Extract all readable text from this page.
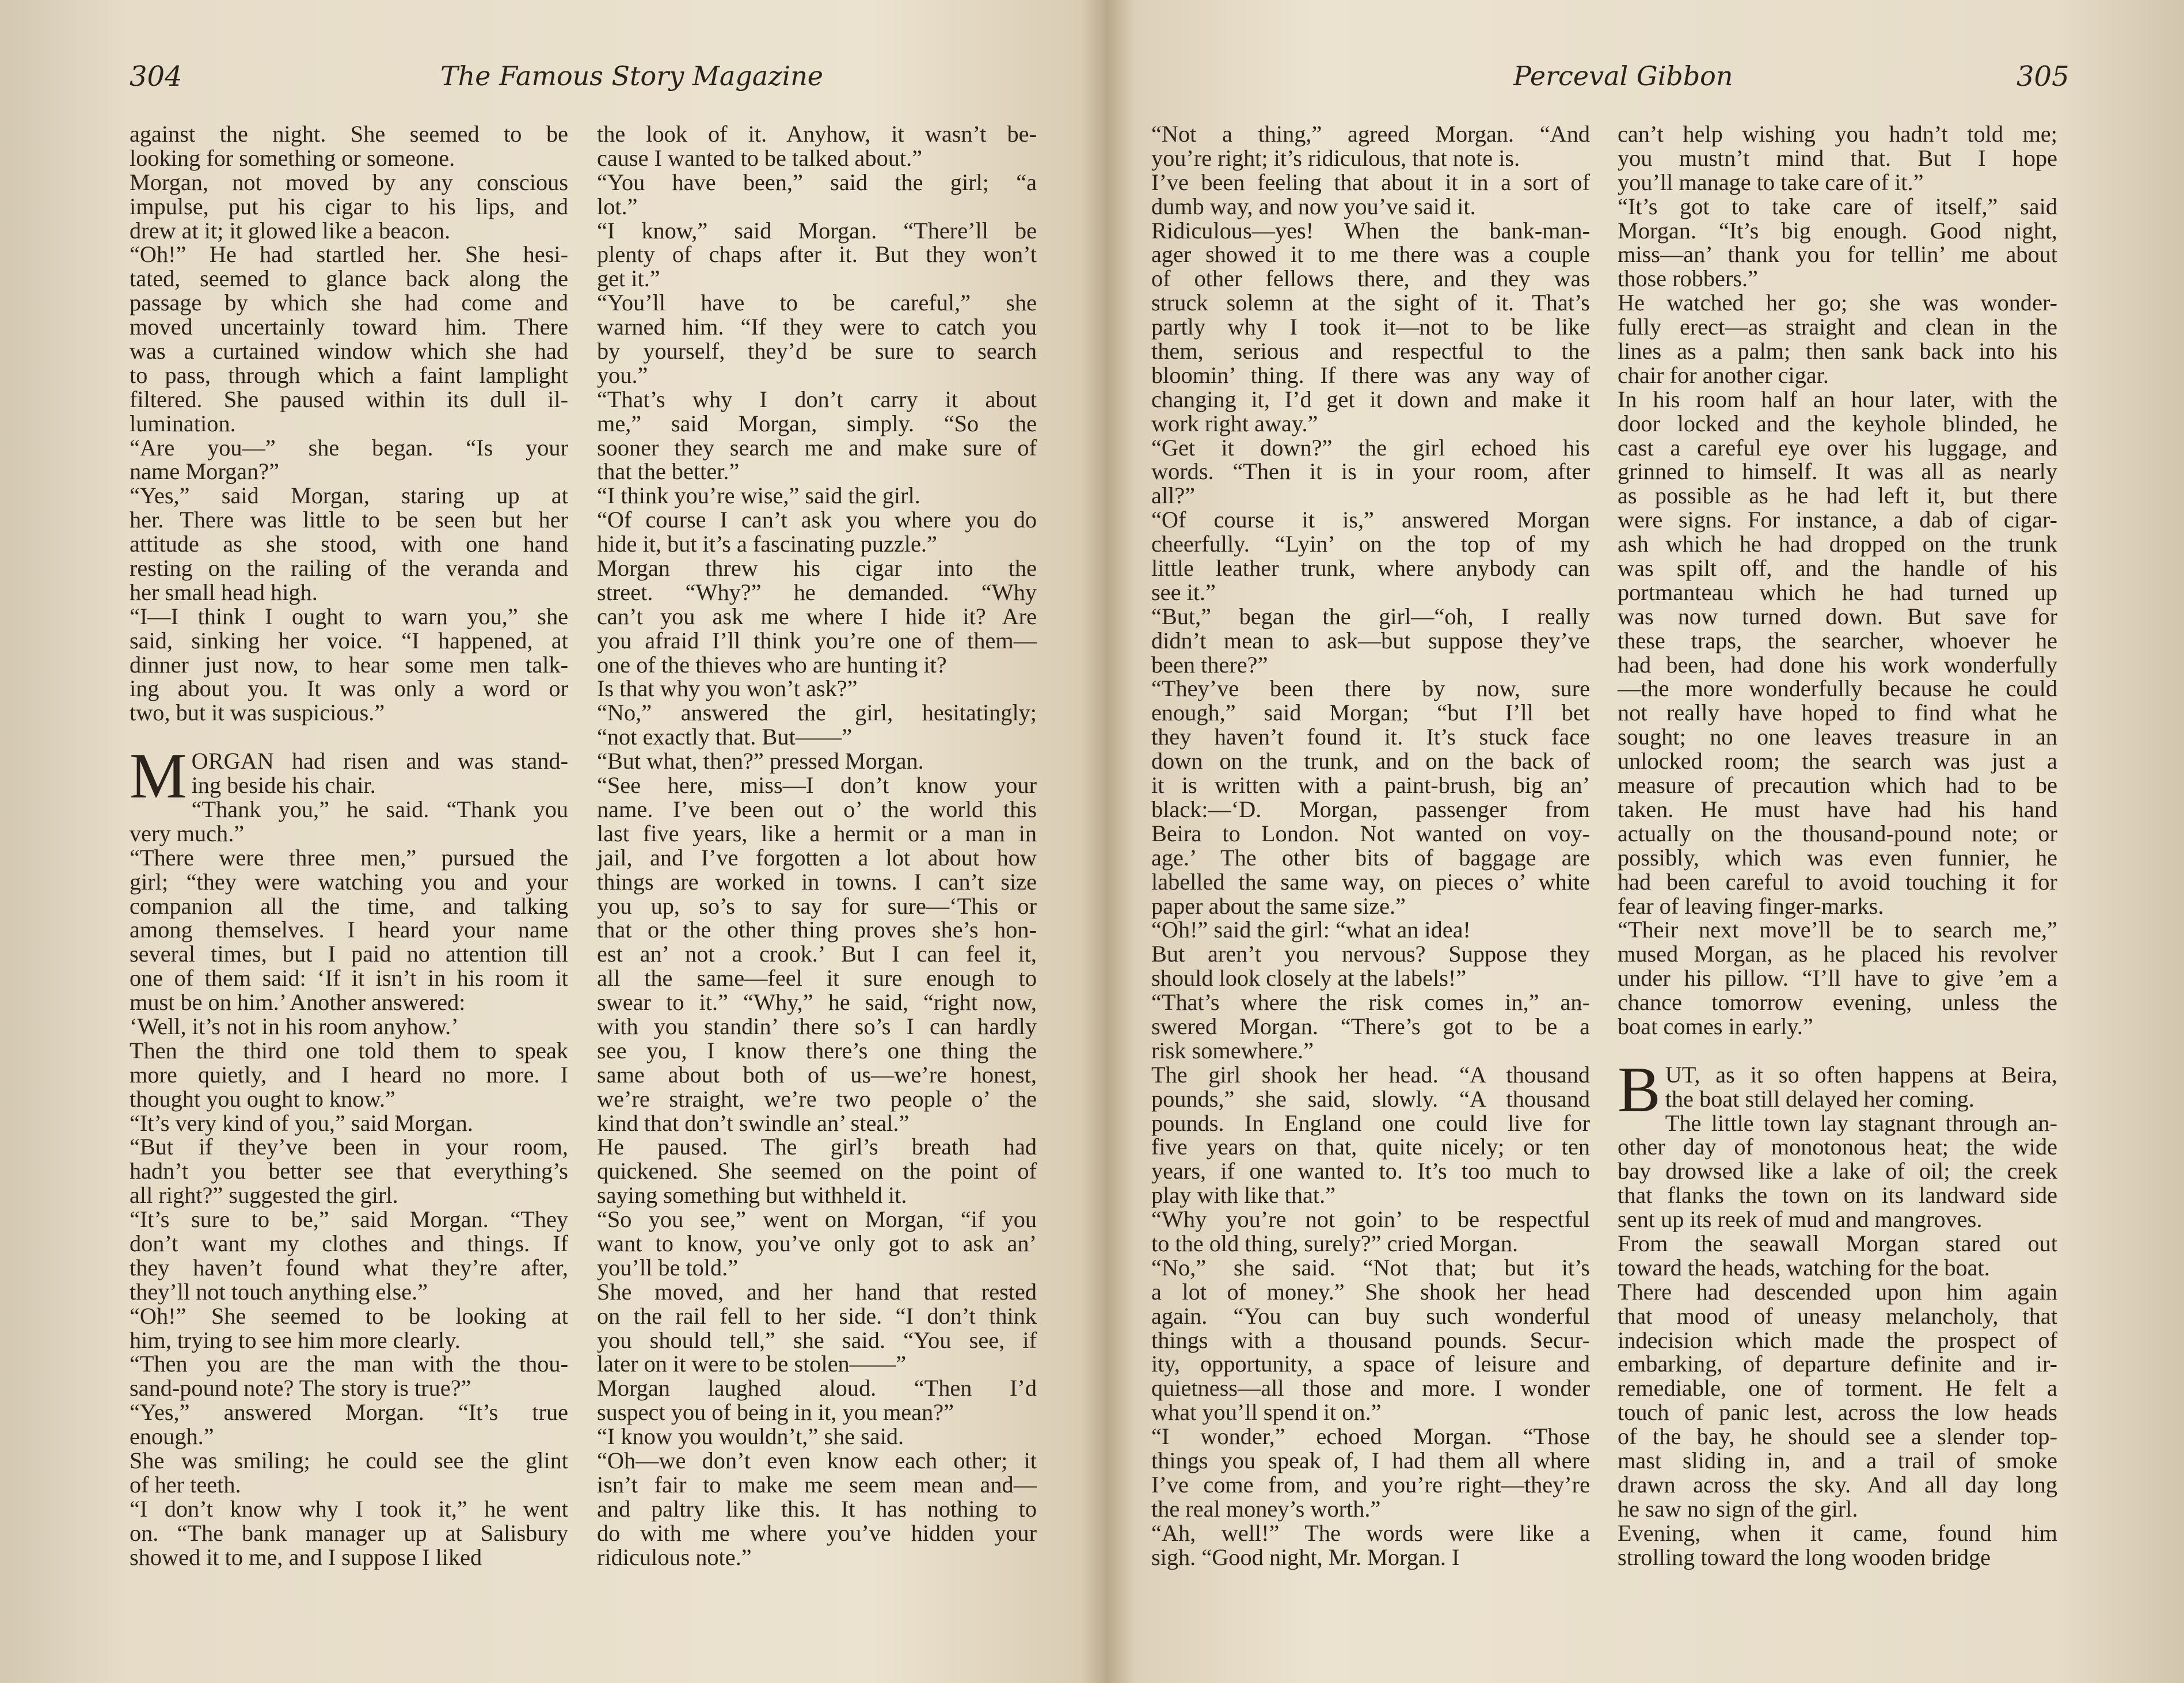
304	The Famous Story Magazine
against the night. She seemed to be
looking for something or someone.
Morgan, not moved by any conscious
impulse, put his cigar to his lips, and
drew at it; it glowed like a beacon.
“Oh!” He had startled her. She hesi-
tated, seemed to glance back along the
passage by which she had come and
moved uncertainly toward him. There
was a curtained window which she had
to pass, through which a faint lamplight
filtered. She paused within its dull il-
lumination.
“Are you—” she began. “Is your
name Morgan?”
“Yes,” said Morgan, staring up at
her. There was little to be seen but her
attitude as she stood, with one hand
resting on the railing of the veranda and
her small head high.
“I—I think I ought to warn you,” she
said, sinking her voice. “I happened, at
dinner just now, to hear some men talk-
ing about you. It was only a word or
two, but it was suspicious.”

M ORGAN had risen and was stand-
ing beside his chair.
“Thank you,” he said. “Thank you
very much.”
“There were three men,” pursued the
girl; “they were watching you and your
companion all the time, and talking
among themselves. I heard your name
several times, but I paid no attention till
one of them said: ‘If it isn’t in his room it
must be on him.’ Another answered:
‘Well, it’s not in his room anyhow.’
Then the third one told them to speak
more quietly, and I heard no more. I
thought you ought to know.”
“It’s very kind of you,” said Morgan.
“But if they’ve been in your room,
hadn’t you better see that everything’s
all right?” suggested the girl.
“It’s sure to be,” said Morgan. “They
don’t want my clothes and things. If
they haven’t found what they’re after,
they’ll not touch anything else.”
“Oh!” She seemed to be looking at
him, trying to see him more clearly.
“Then you are the man with the thou-
sand-pound note? The story is true?”
“Yes,” answered Morgan. “It’s true
enough.”
She was smiling; he could see the glint
of her teeth.
“I don’t know why I took it,” he went
on. “The bank manager up at Salisbury
showed it to me, and I suppose I liked
the look of it. Anyhow, it wasn’t be-
cause I wanted to be talked about.”
“You have been,” said the girl; “a
lot.”
“I know,” said Morgan. “There’ll be
plenty of chaps after it. But they won’t
get it.”
“You’ll have to be careful,” she
warned him. “If they were to catch you
by yourself, they’d be sure to search
you.”
“That’s why I don’t carry it about
me,” said Morgan, simply. “So the
sooner they search me and make sure of
that the better.”
“I think you’re wise,” said the girl.
“Of course I can’t ask you where you do
hide it, but it’s a fascinating puzzle.”
Morgan threw his cigar into the
street. “Why?” he demanded. “Why
can’t you ask me where I hide it? Are
you afraid I’ll think you’re one of them—
one of the thieves who are hunting it?
Is that why you won’t ask?”
“No,” answered the girl, hesitatingly;
“not exactly that. But——”
“But what, then?” pressed Morgan.
“See here, miss—I don’t know your
name. I’ve been out o’ the world this
last five years, like a hermit or a man in
jail, and I’ve forgotten a lot about how
things are worked in towns. I can’t size
you up, so’s to say for sure—‘This or
that or the other thing proves she’s hon-
est an’ not a crook.’ But I can feel it,
all the same—feel it sure enough to
swear to it.” “Why,” he said, “right now,
with you standin’ there so’s I can hardly
see you, I know there’s one thing the
same about both of us—we’re honest,
we’re straight, we’re two people o’ the
kind that don’t swindle an’ steal.”
He paused. The girl’s breath had
quickened. She seemed on the point of
saying something but withheld it.
“So you see,” went on Morgan, “if you
want to know, you’ve only got to ask an’
you’ll be told.”
She moved, and her hand that rested
on the rail fell to her side. “I don’t think
you should tell,” she said. “You see, if
later on it were to be stolen——”
Morgan laughed aloud. “Then I’d
suspect you of being in it, you mean?”
“I know you wouldn’t,” she said.
“Oh—we don’t even know each other; it
isn’t fair to make me seem mean and—
and paltry like this. It has nothing to
do with me where you’ve hidden your
ridiculous note.”
Perceval Gibbon	305
“Not a thing,” agreed Morgan. “And
you’re right; it’s ridiculous, that note is.
I’ve been feeling that about it in a sort of
dumb way, and now you’ve said it.
Ridiculous—yes! When the bank-man-
ager showed it to me there was a couple
of other fellows there, and they was
struck solemn at the sight of it. That’s
partly why I took it—not to be like
them, serious and respectful to the
bloomin’ thing. If there was any way of
changing it, I’d get it down and make it
work right away.”
“Get it down?” the girl echoed his
words. “Then it is in your room, after
all?”
“Of course it is,” answered Morgan
cheerfully. “Lyin’ on the top of my
little leather trunk, where anybody can
see it.”
“But,” began the girl—“oh, I really
didn’t mean to ask—but suppose they’ve
been there?”
“They’ve been there by now, sure
enough,” said Morgan; “but I’ll bet
they haven’t found it. It’s stuck face
down on the trunk, and on the back of
it is written with a paint-brush, big an’
black:—‘D. Morgan, passenger from
Beira to London. Not wanted on voy-
age.’ The other bits of baggage are
labelled the same way, on pieces o’ white
paper about the same size.”
“Oh!” said the girl: “what an idea!
But aren’t you nervous? Suppose they
should look closely at the labels!”
“That’s where the risk comes in,” an-
swered Morgan. “There’s got to be a
risk somewhere.”
The girl shook her head. “A thousand
pounds,” she said, slowly. “A thousand
pounds. In England one could live for
five years on that, quite nicely; or ten
years, if one wanted to. It’s too much to
play with like that.”
“Why you’re not goin’ to be respectful
to the old thing, surely?” cried Morgan.
“No,” she said. “Not that; but it’s
a lot of money.” She shook her head
again. “You can buy such wonderful
things with a thousand pounds. Secur-
ity, opportunity, a space of leisure and
quietness—all those and more. I wonder
what you’ll spend it on.”
“I wonder,” echoed Morgan. “Those
things you speak of, I had them all where
I’ve come from, and you’re right—they’re
the real money’s worth.”
“Ah, well!” The words were like a
sigh. “Good night, Mr. Morgan. I
can’t help wishing you hadn’t told me;
you mustn’t mind that. But I hope
you’ll manage to take care of it.”
“It’s got to take care of itself,” said
Morgan. “It’s big enough. Good night,
miss—an’ thank you for tellin’ me about
those robbers.”
He watched her go; she was wonder-
fully erect—as straight and clean in the
lines as a palm; then sank back into his
chair for another cigar.
In his room half an hour later, with the
door locked and the keyhole blinded, he
cast a careful eye over his luggage, and
grinned to himself. It was all as nearly
as possible as he had left it, but there
were signs. For instance, a dab of cigar-
ash which he had dropped on the trunk
was spilt off, and the handle of his
portmanteau which he had turned up
was now turned down. But save for
these traps, the searcher, whoever he
had been, had done his work wonderfully
—the more wonderfully because he could
not really have hoped to find what he
sought; no one leaves treasure in an
unlocked room; the search was just a
measure of precaution which had to be
taken. He must have had his hand
actually on the thousand-pound note; or
possibly, which was even funnier, he
had been careful to avoid touching it for
fear of leaving finger-marks.
“Their next move’ll be to search me,”
mused Morgan, as he placed his revolver
under his pillow. “I’ll have to give ’em a
chance tomorrow evening, unless the
boat comes in early.”

B UT, as it so often happens at Beira,
the boat still delayed her coming.
The little town lay stagnant through an-
other day of monotonous heat; the wide
bay drowsed like a lake of oil; the creek
that flanks the town on its landward side
sent up its reek of mud and mangroves.
From the seawall Morgan stared out
toward the heads, watching for the boat.
There had descended upon him again
that mood of uneasy melancholy, that
indecision which made the prospect of
embarking, of departure definite and ir-
remediable, one of torment. He felt a
touch of panic lest, across the low heads
of the bay, he should see a slender top-
mast sliding in, and a trail of smoke
drawn across the sky. And all day long
he saw no sign of the girl.
Evening, when it came, found him
strolling toward the long wooden bridge
